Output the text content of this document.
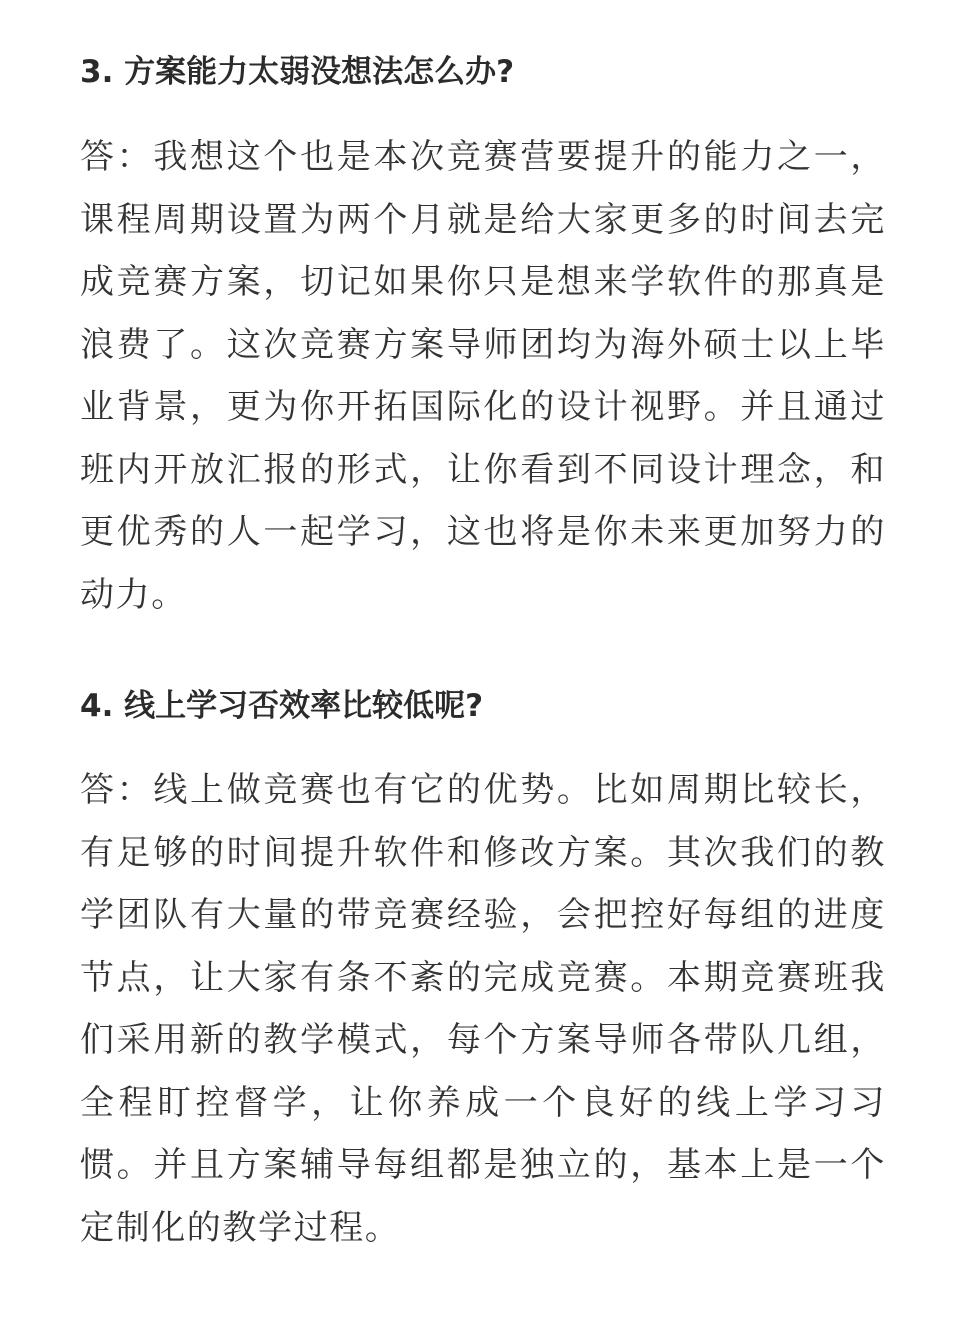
3. 方案能力太弱没想法怎么办?

答：我想这个也是本次竞赛营要提升的能力之一，课程周期设置为两个月就是给大家更多的时间去完成竞赛方案，切记如果你只是想来学软件的那真是浪费了。这次竞赛方案导师团均为海外硕士以上毕业背景，更为你开拓国际化的设计视野。并且通过班内开放汇报的形式，让你看到不同设计理念，和更优秀的人一起学习，这也将是你未来更加努力的动力。

4. 线上学习否效率比较低呢?

答：线上做竞赛也有它的优势。比如周期比较长，有足够的时间提升软件和修改方案。其次我们的教学团队有大量的带竞赛经验，会把控好每组的进度节点，让大家有条不紊的完成竞赛。本期竞赛班我们采用新的教学模式，每个方案导师各带队几组，全程盯控督学，让你养成一个良好的线上学习习惯。并且方案辅导每组都是独立的，基本上是一个定制化的教学过程。
